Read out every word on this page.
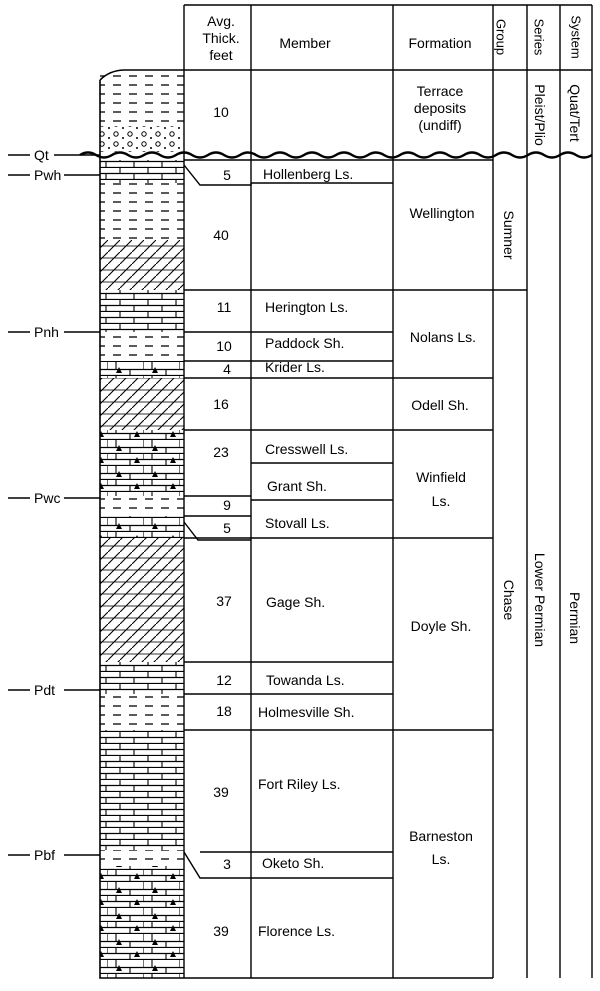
Qt
Pwh
Pnh
Pwc
Pdt
Pbf
Avg.
Thick.
feet
Member	Formation Group Series System
10
5
40
11
10
4
16
23
9
5
37
12
18
39
3
39
Hollenberg Ls.
Herington Ls.
Paddock Sh.
Krider Ls.
Cresswell Ls.
Grant Sh.
Stovall Ls.
Gage Sh.
Towanda Ls.
Holmesville Sh.
Fort Riley Ls.
Oketo Sh.
Florence Ls.
Terrace
deposits
(undiff)
Wellington
Nolans Ls.
Odell Sh.
Winfield
Ls.
Doyle Sh.
Barneston
Ls.
Sumner
Chase
Pleist/Plio
Lower Permian
Quat/Tert
Permian
